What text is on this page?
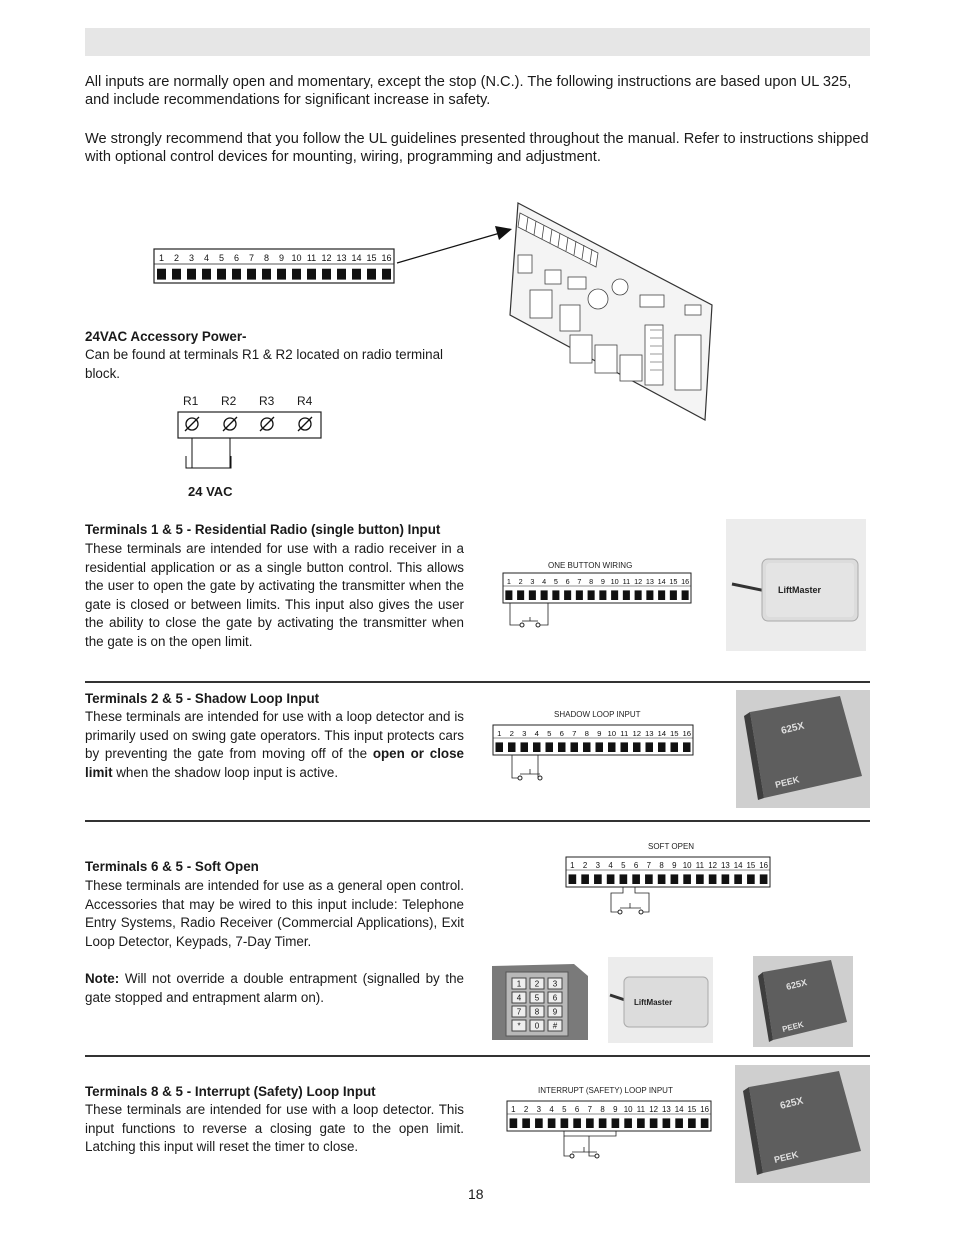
All inputs are normally open and momentary, except the stop (N.C.). The following instructions are based upon UL 325, and include recommendations for significant increase in safety.
We strongly recommend that you follow the UL guidelines presented throughout the manual. Refer to instructions shipped with optional control devices for mounting, wiring, programming and adjustment.
1 2 3 4 5 6 7 8 9 10 11 12 13 14 15 16
24VAC Accessory Power-
Can be found at terminals R1 & R2 located on radio terminal block.
R1 R2 R3 R4
24 VAC
Terminals 1 & 5 - Residential Radio (single button) Input
These terminals are intended for use with a radio receiver in a residential application or as a single button control. This allows the user to open the gate by activating the transmitter when the gate is closed or between limits. This input also gives the user the ability to close the gate by activating the transmitter when the gate is on the open limit.
ONE BUTTON WIRING
1 2 3 4 5 6 7 8 9 10 11 12 13 14 15 16
LiftMaster
Terminals 2 & 5 - Shadow Loop Input
These terminals are intended for use with a loop detector and is primarily used on swing gate operators. This input protects cars by preventing the gate from moving off of the open or close limit when the shadow loop input is active.
SHADOW LOOP INPUT
1 2 3 4 5 6 7 8 9 10 11 12 13 14 15 16	625X
PEEK
Terminals 6 & 5 - Soft Open
These terminals are intended for use as a general open control. Accessories that may be wired to this input include: Telephone Entry Systems, Radio Receiver (Commercial Applications), Exit Loop Detector, Keypads, 7-Day Timer.
Note: Will not override a double entrapment (signalled by the gate stopped and entrapment alarm on).
SOFT OPEN
1 2 3 4 5 6 7 8 9 10 11 12 13 14 15 16
1 2 3
4 5 6
7 8 9
* 0 #
LiftMaster
625X
PEEK
Terminals 8 & 5 - Interrupt (Safety) Loop Input
These terminals are intended for use with a loop detector. This input functions to reverse a closing gate to the open limit. Latching this input will reset the timer to close.
INTERRUPT (SAFETY) LOOP INPUT
1 2 3 4 5 6 7 8 9 10 11 12 13 14 15 16	625X
PEEK
18
